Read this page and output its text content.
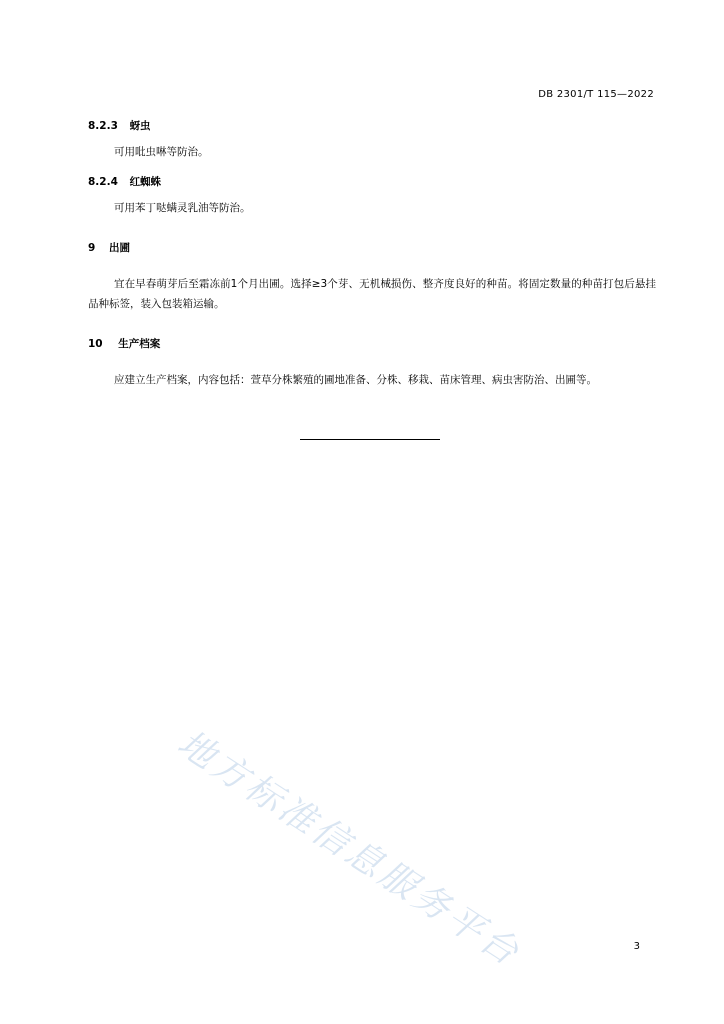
DB 2301/T 115—2022
8.2.3 蚜虫
可用吡虫啉等防治。
8.2.4 红蜘蛛
可用苯丁哒螨灵乳油等防治。
9 出圃
宜在早春萌芽后至霜冻前1个月出圃。选择≥3个芽、无机械损伤、整齐度良好的种苗。将固定数量的种苗打包后悬挂品种标签，装入包装箱运输。
10 生产档案
应建立生产档案，内容包括：萱草分株繁殖的圃地准备、分株、移栽、苗床管理、病虫害防治、出圃等。
地方标准信息服务平台	3
